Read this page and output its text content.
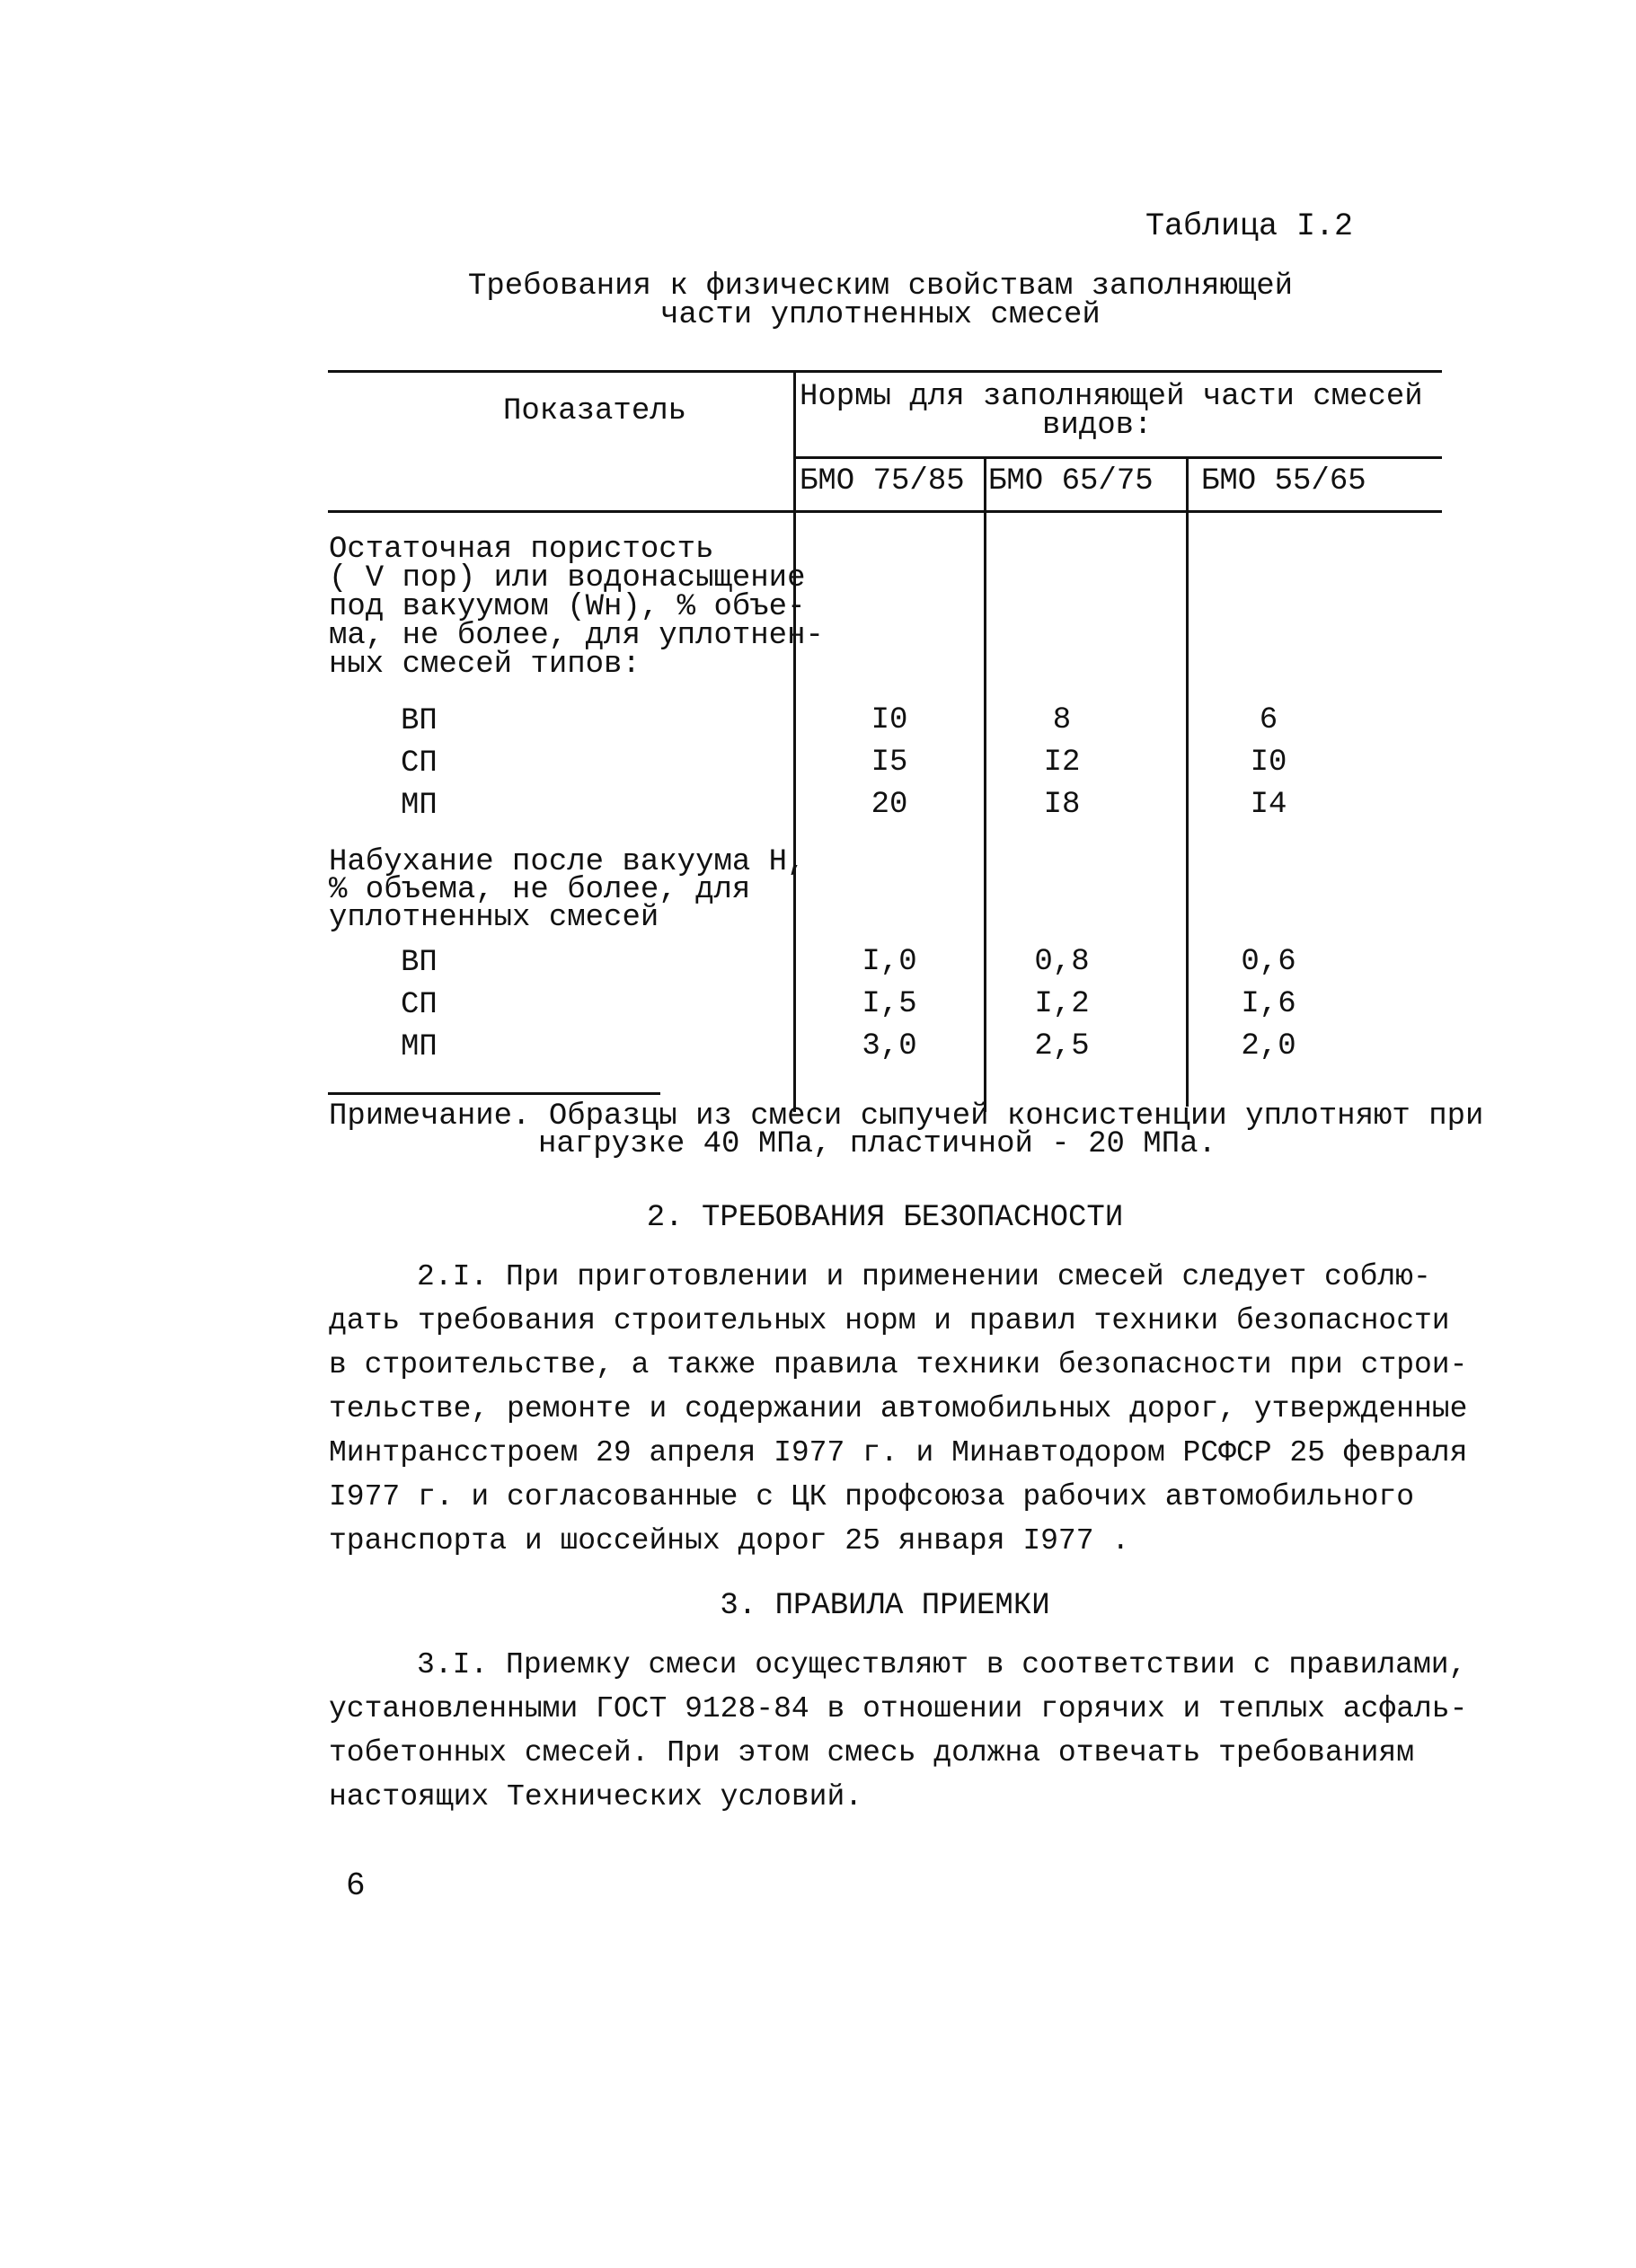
Таблица I.2
Требования к физическим свойствам заполняющей
части уплотненных смесей
Показатель	Нормы для заполняющей части смесей
видов:
БМО 75/85 БМО 65/75 БМО 55/65
Остаточная пористость
( V пор) или водонасыщение
под вакуумом (Wн), % объе-
ма, не более, для уплотнен-
ных смесей типов:
ВП	I0	8	6
СП	I5	I2	I0
МП	20	I8	I4
Набухание после вакуума Н,
% объема, не более, для
уплотненных смесей
ВП	I,0	0,8	0,6
СП	I,5	I,2	I,6
МП	3,0	2,5	2,0
Примечание. Образцы из смеси сыпучей консистенции уплотняют при
нагрузке 40 МПа, пластичной - 20 МПа.
2. ТРЕБОВАНИЯ БЕЗОПАСНОСТИ
2.I. При приготовлении и применении смесей следует соблю-
дать требования строительных норм и правил техники безопасности
в строительстве, а также правила техники безопасности при строи-
тельстве, ремонте и содержании автомобильных дорог, утвержденные
Минтрансстроем 29 апреля I977 г. и Минавтодором РСФСР 25 февраля
I977 г. и согласованные с ЦК профсоюза рабочих автомобильного
транспорта и шоссейных дорог 25 января I977 .
3. ПРАВИЛА ПРИЕМКИ
3.I. Приемку смеси осуществляют в соответствии с правилами,
установленными ГОСТ 9128-84 в отношении горячих и теплых асфаль-
тобетонных смесей. При этом смесь должна отвечать требованиям
настоящих Технических условий.
6
